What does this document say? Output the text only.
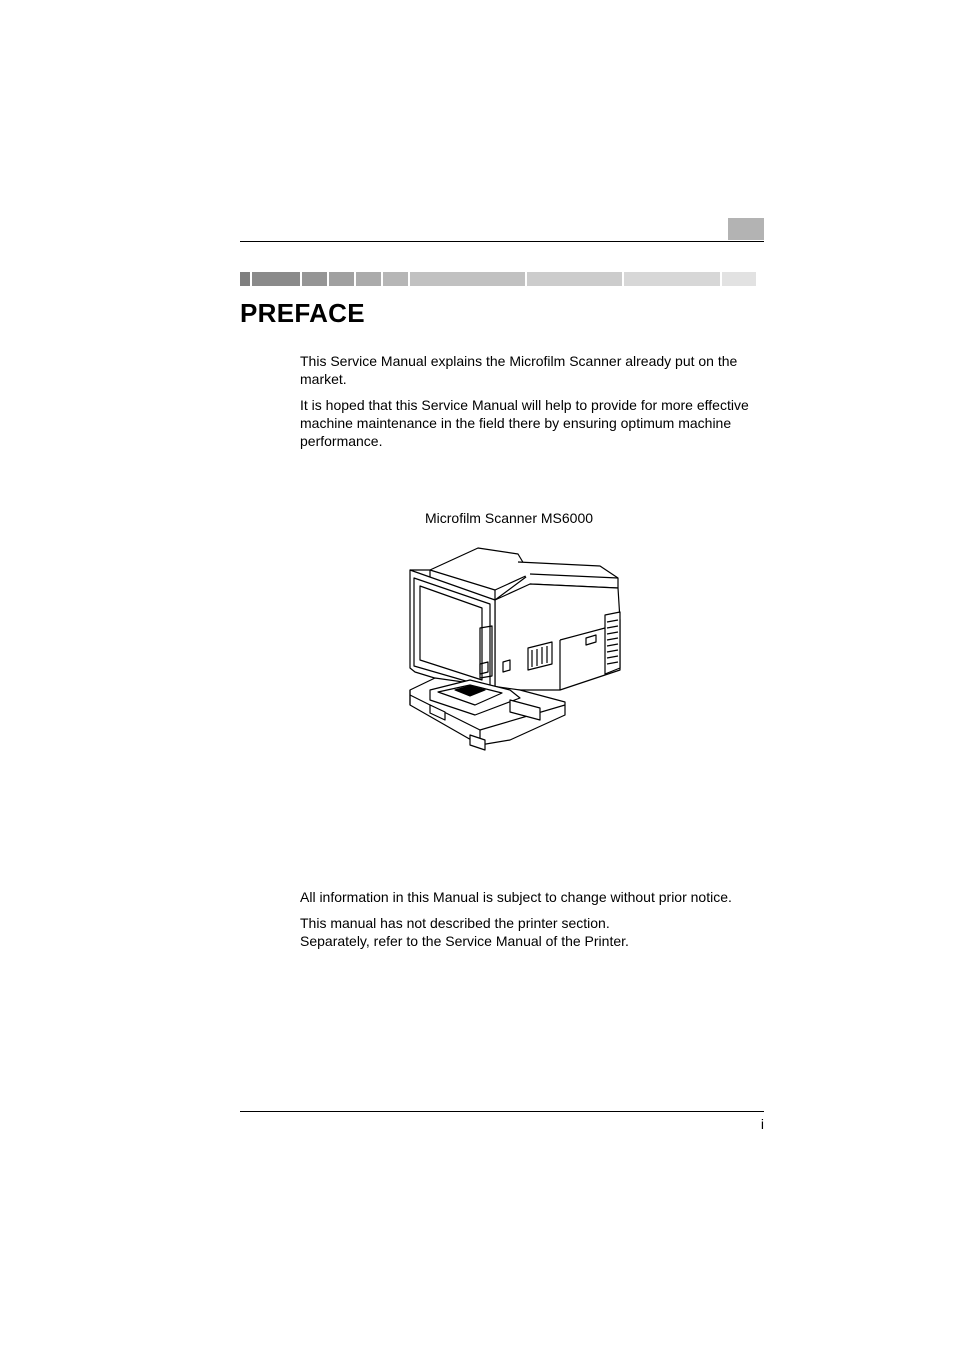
PREFACE

This Service Manual explains the Microfilm Scanner already put on the market.

It is hoped that this Service Manual will help to provide for more effective machine maintenance in the field there by ensuring optimum machine performance.

Microfilm Scanner MS6000

All information in this Manual is subject to change without prior notice.

This manual has not described the printer section.

Separately, refer to the Service Manual of the Printer.

i
